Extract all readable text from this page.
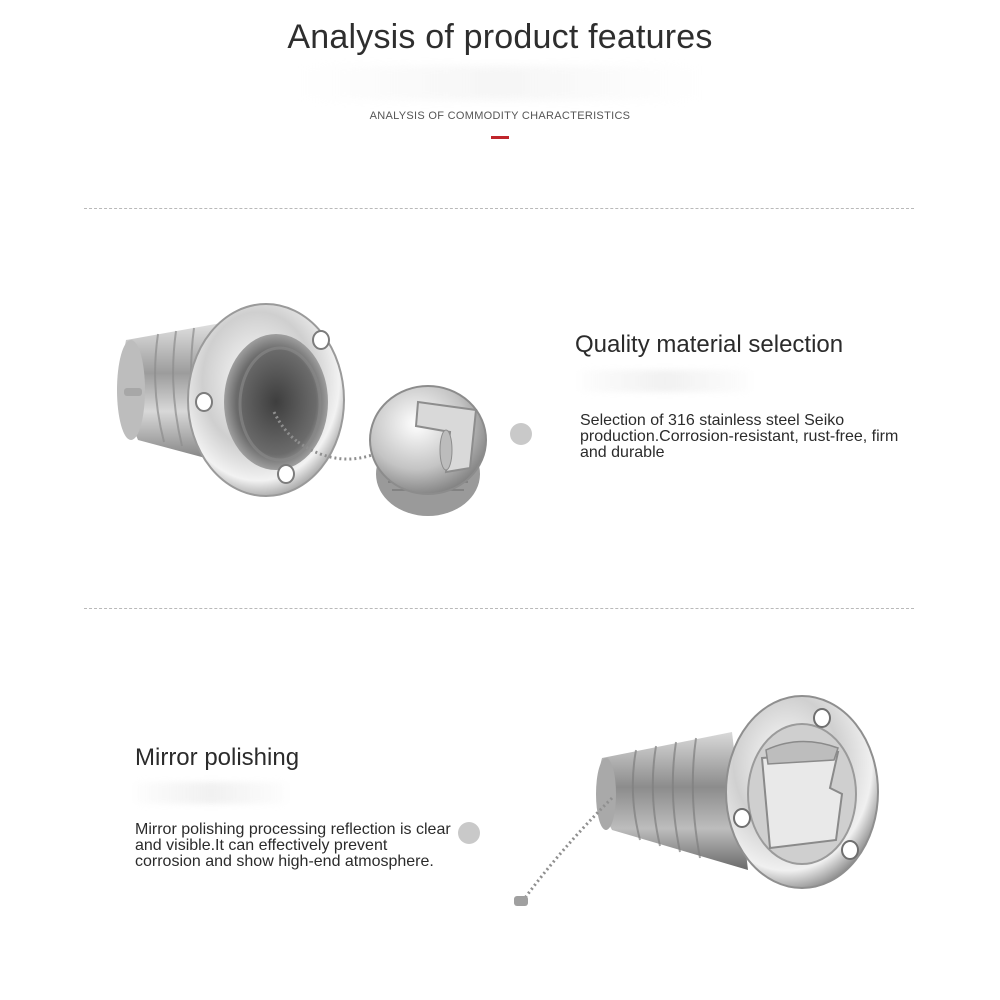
Analysis of product features
ANALYSIS OF COMMODITY CHARACTERISTICS
Quality material selection

Selection of 316 stainless steel Seiko production.Corrosion-resistant, rust-free, firm and durable

Mirror polishing

Mirror polishing processing reflection is clear and visible.It can effectively prevent corrosion and show high-end atmosphere.
